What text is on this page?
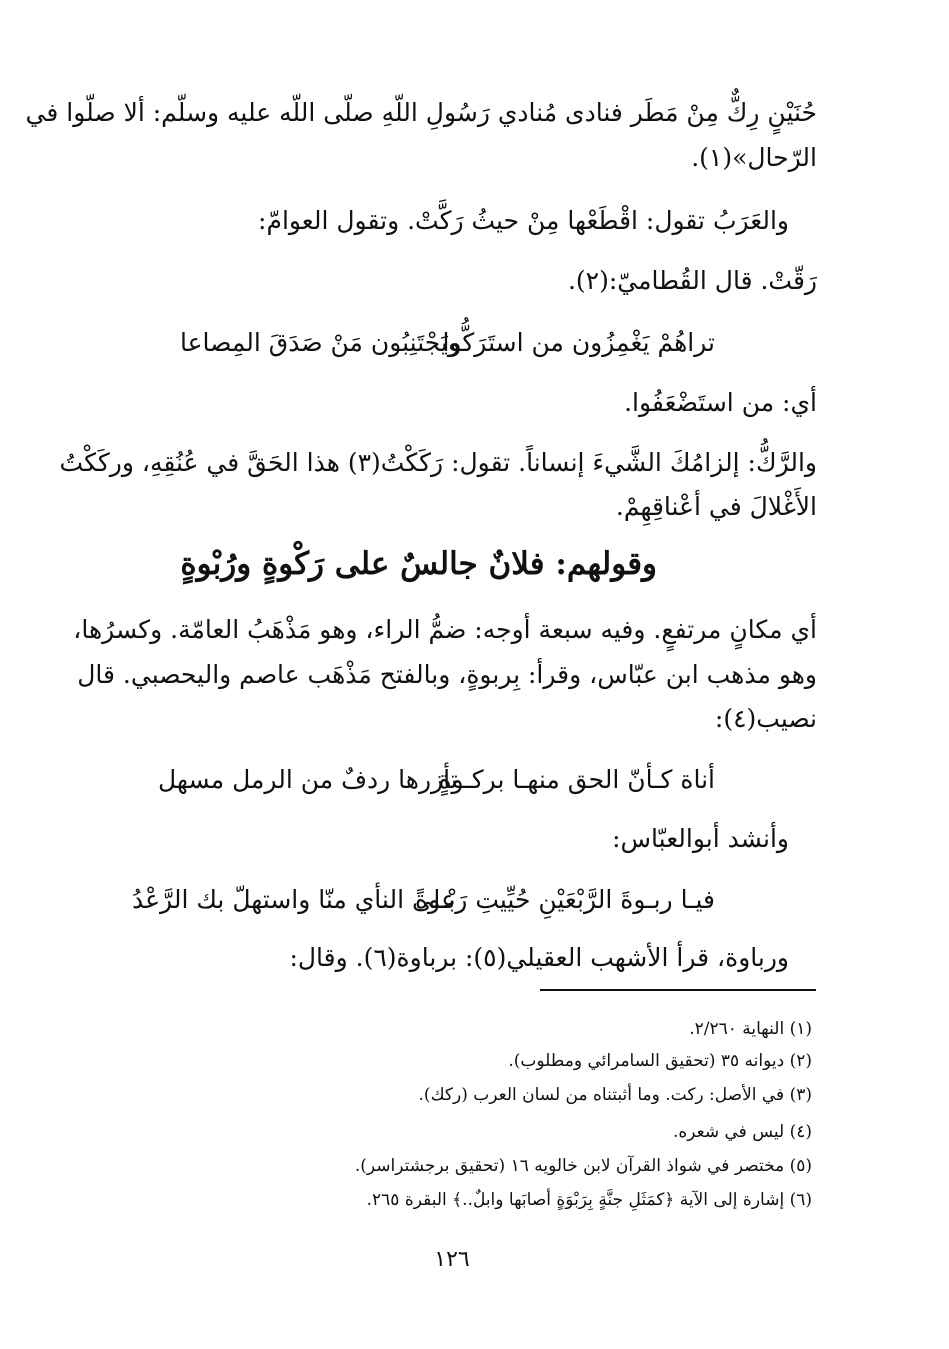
حُنَيْنٍ رِكٌّ مِنْ مَطَر فنادى مُنادي رَسُولِ اللّهِ صلّى اللّه عليه وسلّم: ألا صلّوا في
الرّحال»(١).
والعَرَبُ تقول: اقْطَعْها مِنْ حيثُ رَكَّتْ. وتقول العوامّ:
رَقّتْ. قال القُطاميّ:(٢).
تراهُمْ يَغْمِزُون من استَرَكُّوا
ويَجْتَنِبُون مَنْ صَدَقَ المِصاعا
أي: من استَضْعَفُوا.
والرَّكُّ: إلزامُكَ الشَّيءَ إنساناً. تقول: رَكَكْتُ(٣) هذا الحَقَّ في عُنُقِهِ، وركَكْتُ
الأَغْلالَ في أعْناقِهِمْ.
وقولهم: فلانٌ جالسٌ على رَكْوةٍ ورُبْوةٍ
أي مكانٍ مرتفعٍ. وفيه سبعة أوجه: ضمُّ الراء، وهو مَذْهَبُ العامّة. وكسرُها،
وهو مذهب ابن عبّاس، وقرأ: بِربوةٍ، وبالفتح مَذْهَب عاصم واليحصبي. قال
نصيب(٤):
أناة كـأنّ الحق منهـا بركـوةٍ
تأزرها ردفٌ من الرمل مسهل
وأنشد أبوالعبّاس:
فيـا ربـوةَ الرَّبْعَيْنِ حُيِّيتِ رَبْـوةً
على النأي منّا واستهلّ بك الرَّعْدُ
ورباوة، قرأ الأشهب العقيلي(٥): برباوة(٦). وقال:
(١) النهاية ٢/٢٦٠.
(٢) ديوانه ٣٥ (تحقيق السامرائي ومطلوب).
(٣) في الأصل: ركت. وما أثبتناه من لسان العرب (ركك).
(٤) ليس في شعره.
(٥) مختصر في شواذ القرآن لابن خالويه ١٦ (تحقيق برجشتراسر).
(٦) إشارة إلى الآية ﴿كمَثَلِ جنَّةٍ بِرَبْوَةٍ أصابَها وابلٌ..﴾ البقرة ٢٦٥.
١٢٦
